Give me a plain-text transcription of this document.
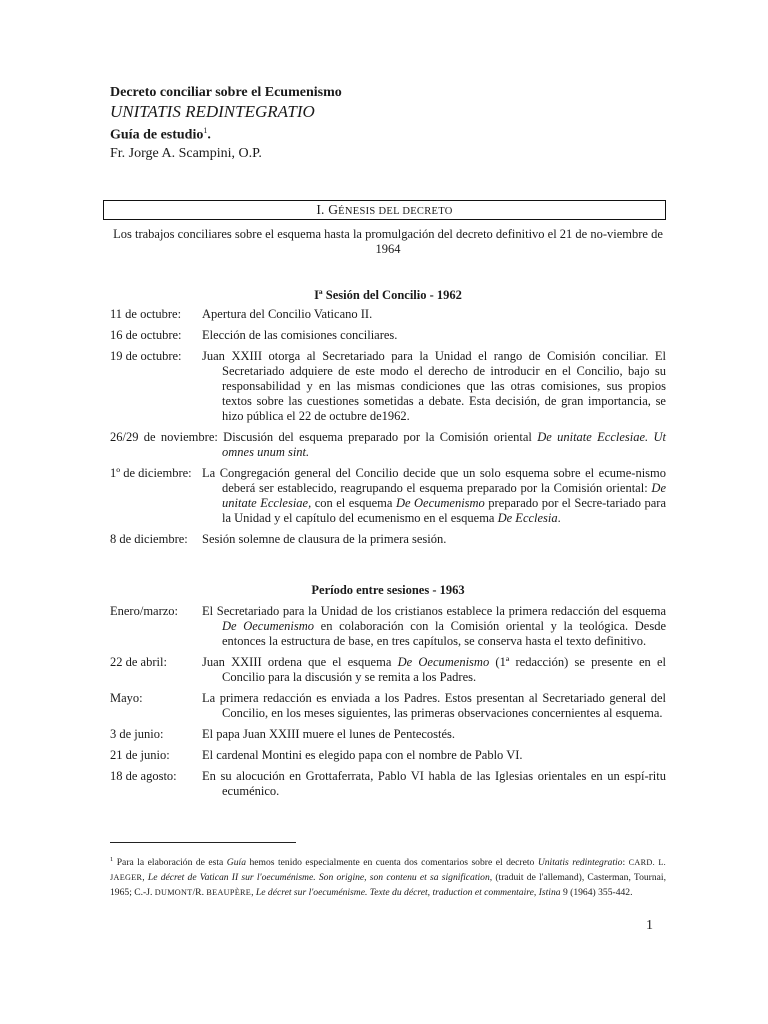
Decreto conciliar sobre el Ecumenismo
UNITATIS REDINTEGRATIO
Guía de estudio$^1$.
Fr. Jorge A. Scampini, O.P.
I. GÉNESIS DEL DECRETO
Los trabajos conciliares sobre el esquema hasta la promulgación del decreto definitivo el 21 de no-viembre de 1964
Iª Sesión del Concilio - 1962
11 de octubre: Apertura del Concilio Vaticano II.
16 de octubre: Elección de las comisiones conciliares.
19 de octubre: Juan XXIII otorga al Secretariado para la Unidad el rango de Comisión conciliar. El Secretariado adquiere de este modo el derecho de introducir en el Concilio, bajo su responsabilidad y en las mismas condiciones que las otras comisiones, sus propios textos sobre las cuestiones sometidas a debate. Esta decisión, de gran importancia, se hizo pública el 22 de octubre de1962.
26/29 de noviembre: Discusión del esquema preparado por la Comisión oriental De unitate Ecclesiae. Ut omnes unum sint.
1º de diciembre: La Congregación general del Concilio decide que un solo esquema sobre el ecume-nismo deberá ser establecido, reagrupando el esquema preparado por la Comisión oriental: De unitate Ecclesiae, con el esquema De Oecumenismo preparado por el Secre-tariado para la Unidad y el capítulo del ecumenismo en el esquema De Ecclesia.
8 de diciembre: Sesión solemne de clausura de la primera sesión.
Período entre sesiones - 1963
Enero/marzo: El Secretariado para la Unidad de los cristianos establece la primera redacción del esquema De Oecumenismo en colaboración con la Comisión oriental y la teológica. Desde entonces la estructura de base, en tres capítulos, se conserva hasta el texto definitivo.
22 de abril:	Juan XXIII ordena que el esquema De Oecumenismo (1ª redacción) se presente en el Concilio para la discusión y se remita a los Padres.
Mayo:	La primera redacción es enviada a los Padres. Estos presentan al Secretariado general del Concilio, en los meses siguientes, las primeras observaciones concernientes al esquema.
3 de junio:	El papa Juan XXIII muere el lunes de Pentecostés.
21 de junio:	El cardenal Montini es elegido papa con el nombre de Pablo VI.
18 de agosto: En su alocución en Grottaferrata, Pablo VI habla de las Iglesias orientales en un espí-ritu ecuménico.
$^1$ Para la elaboración de esta Guía hemos tenido especialmente en cuenta dos comentarios sobre el decreto Unitatis redintegratio: CARD. L. JAEGER, Le décret de Vatican II sur l'oecuménisme. Son origine, son contenu et sa signification, (traduit de l'allemand), Casterman, Tournai, 1965; C.-J. DUMONT/R. BEAUPÈRE, Le décret sur l'oecuménisme. Texte du décret, traduction et commentaire, Istina 9 (1964) 355-442.
1
